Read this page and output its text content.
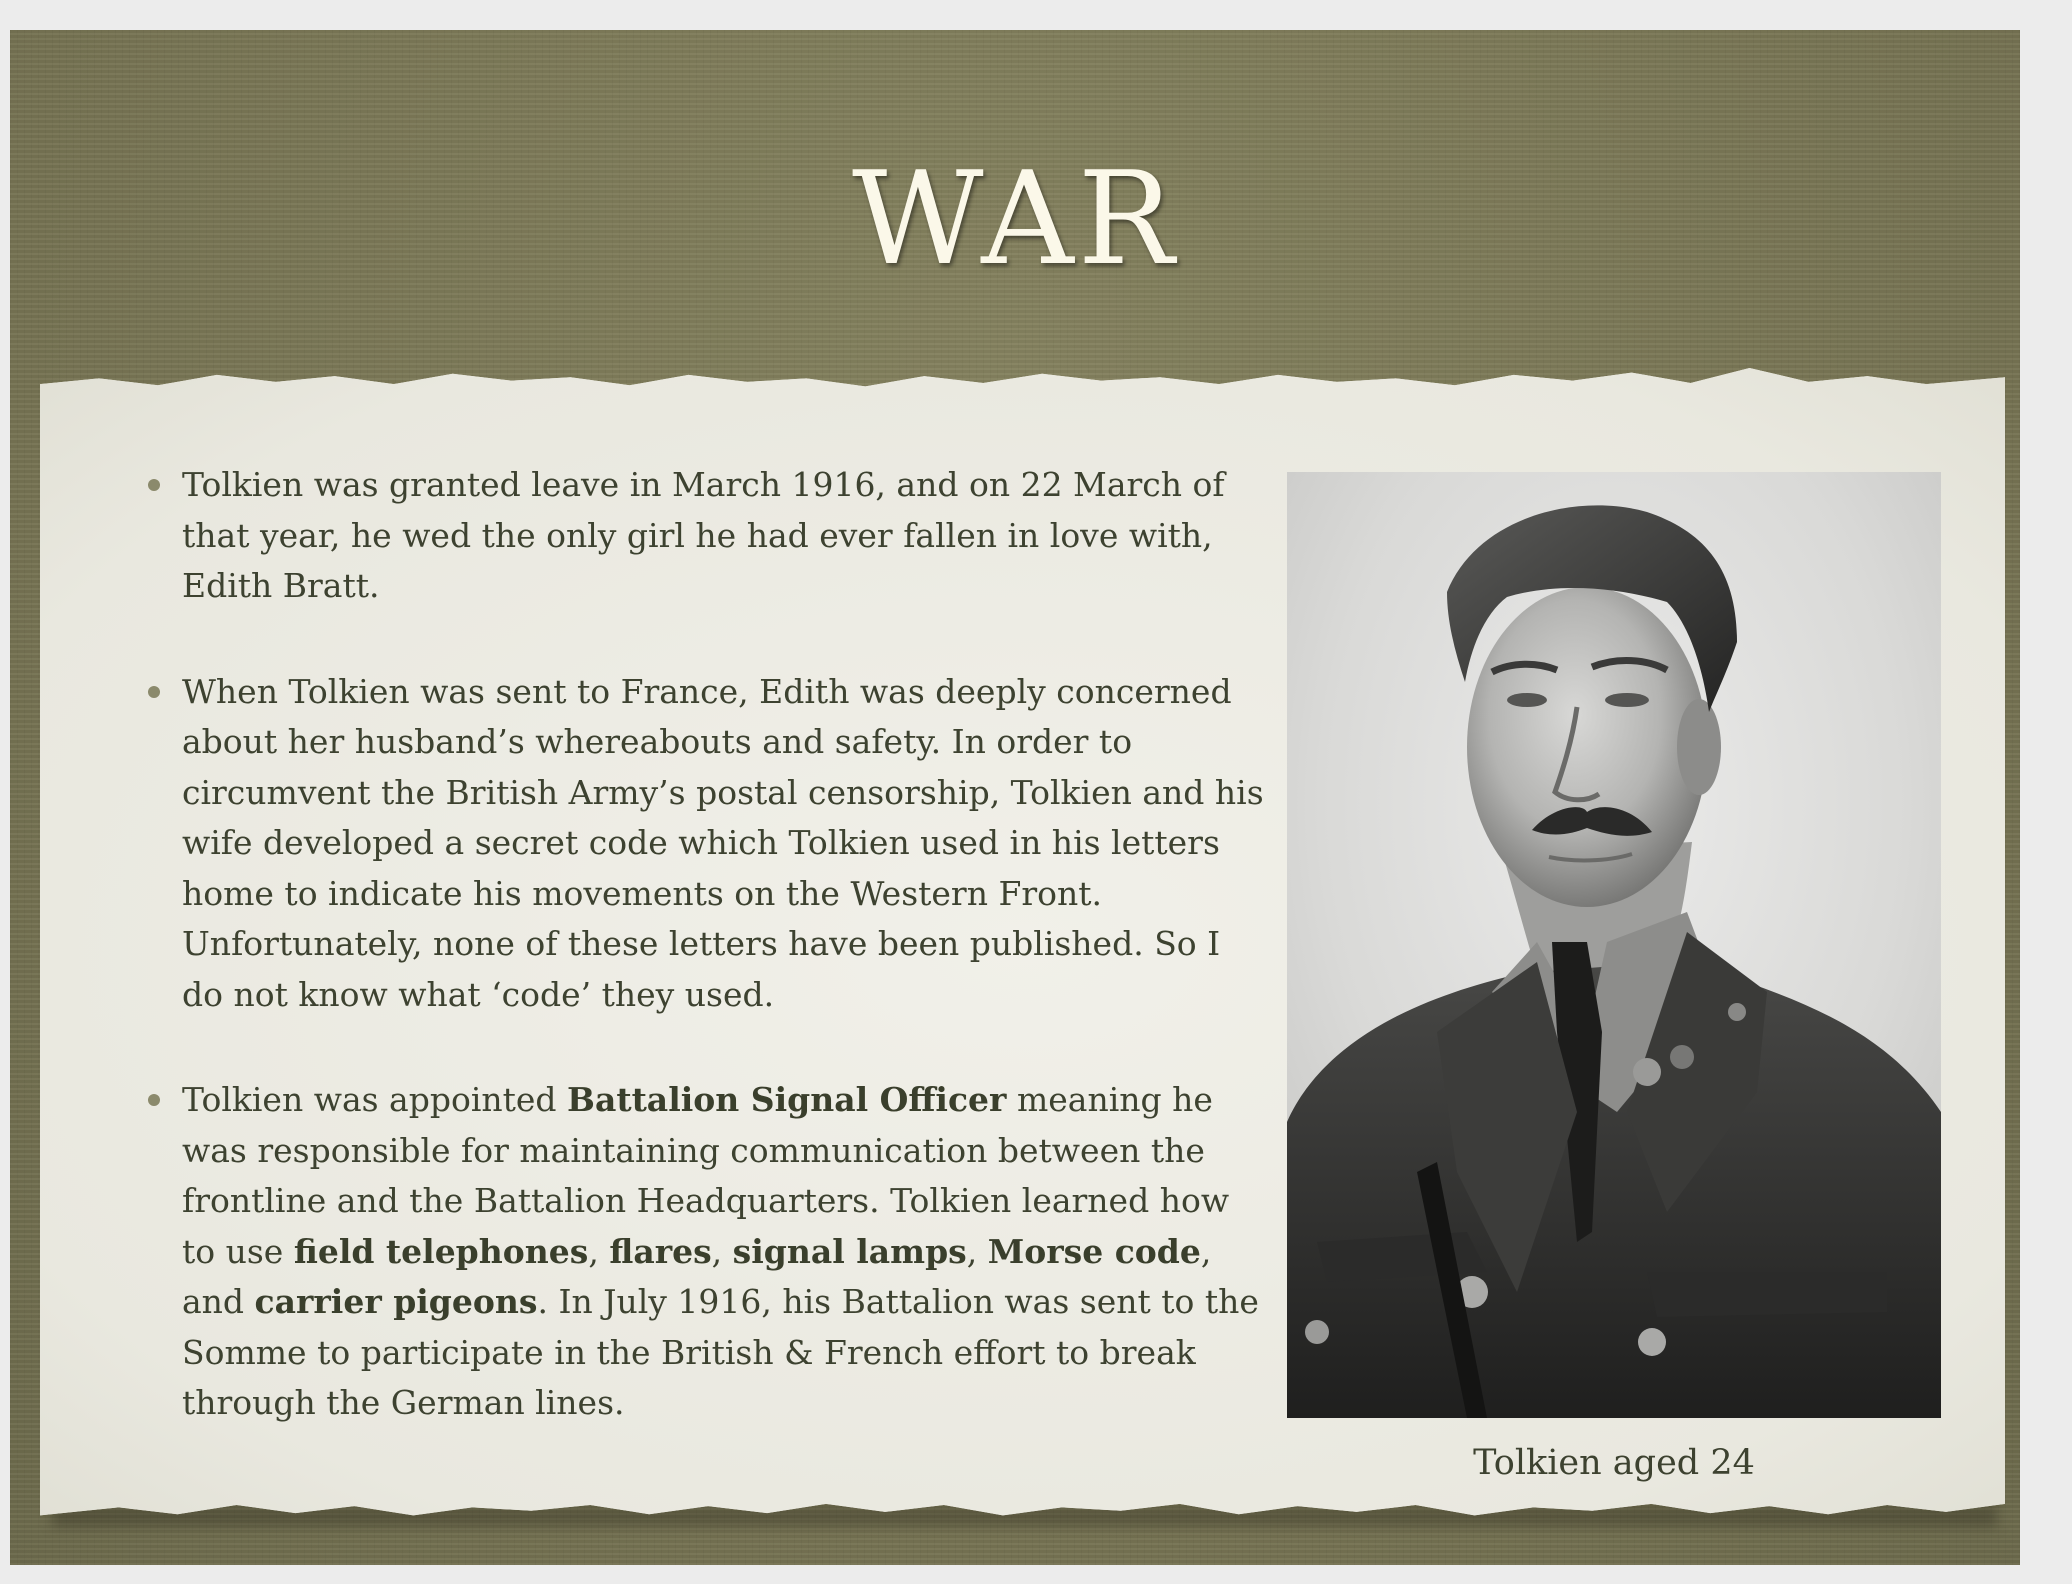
WAR
Tolkien was granted leave in March 1916, and on 22 March of that year, he wed the only girl he had ever fallen in love with, Edith Bratt.
When Tolkien was sent to France, Edith was deeply concerned about her husband’s whereabouts and safety. In order to circumvent the British Army’s postal censorship, Tolkien and his wife developed a secret code which Tolkien used in his letters home to indicate his movements on the Western Front. Unfortunately, none of these letters have been published. So I do not know what ‘code’ they used.
Tolkien was appointed Battalion Signal Officer meaning he was responsible for maintaining communication between the frontline and the Battalion Headquarters. Tolkien learned how to use field telephones, flares, signal lamps, Morse code, and carrier pigeons. In July 1916, his Battalion was sent to the Somme to participate in the British & French effort to break through the German lines.
Tolkien aged 24
